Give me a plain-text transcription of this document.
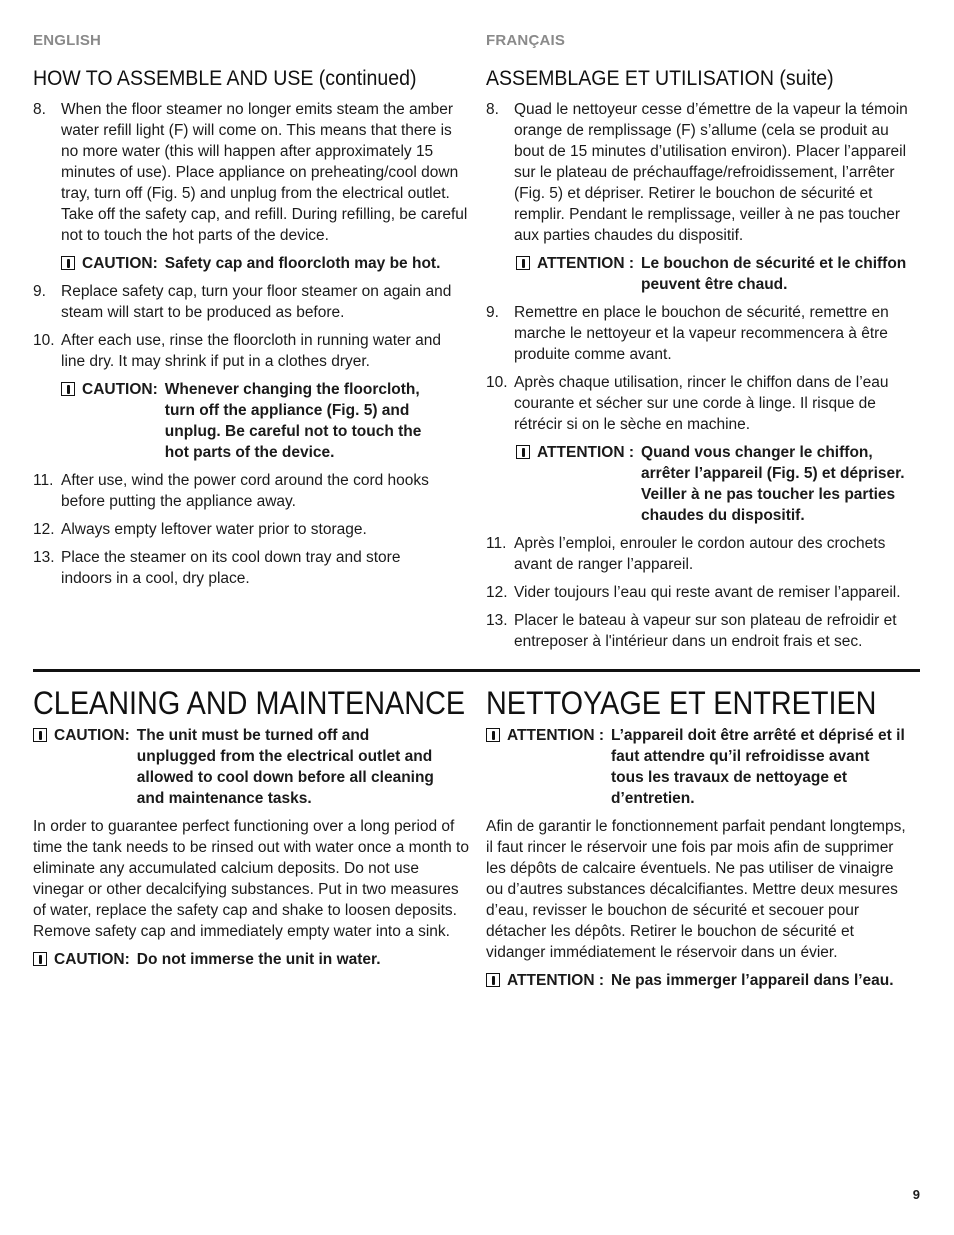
ENGLISH
HOW TO ASSEMBLE AND USE (continued)
8. When the floor steamer no longer emits steam the amber water refill light (F) will come on. This means that there is no more water (this will happen after approximately 15 minutes of use). Place appliance on preheating/cool down tray, turn off (Fig. 5) and unplug from the electrical outlet. Take off the safety cap, and refill. During refilling, be careful not to touch the hot parts of the device.
CAUTION: Safety cap and floorcloth may be hot.
9. Replace safety cap, turn your floor steamer on again and steam will start to be produced as before.
10. After each use, rinse the floorcloth in running water and line dry. It may shrink if put in a clothes dryer.
CAUTION: Whenever changing the floorcloth, turn off the appliance (Fig. 5) and unplug. Be careful not to touch the hot parts of the device.
11. After use, wind the power cord around the cord hooks before putting the appliance away.
12. Always empty leftover water prior to storage.
13. Place the steamer on its cool down tray and store indoors in a cool, dry place.
FRANÇAIS
ASSEMBLAGE ET UTILISATION (suite)
8. Quad le nettoyeur cesse d’émettre de la vapeur la témoin orange de remplissage (F) s’allume (cela se produit au bout de 15 minutes d’utilisation environ). Placer l’appareil sur le plateau de préchauffage/refroidissement, l’arrêter (Fig. 5) et dépriser. Retirer le bouchon de sécurité et remplir. Pendant le remplissage, veiller à ne pas toucher aux parties chaudes du dispositif.
ATTENTION : Le bouchon de sécurité et le chiffon peuvent être chaud.
9. Remettre en place le bouchon de sécurité, remettre en marche le nettoyeur et la vapeur recommencera à être produite comme avant.
10. Après chaque utilisation, rincer le chiffon dans de l’eau courante et sécher sur une corde à linge. Il risque de rétrécir si on le sèche en machine.
ATTENTION : Quand vous changer le chiffon, arrêter l’appareil (Fig. 5) et dépriser. Veiller à ne pas toucher les parties chaudes du dispositif.
11. Après l’emploi, enrouler le cordon autour des crochets avant de ranger l’appareil.
12. Vider toujours l’eau qui reste avant de remiser l’appareil.
13. Placer le bateau à vapeur sur son plateau de refroidir et entreposer à l'intérieur dans un endroit frais et sec.
CLEANING AND MAINTENANCE
CAUTION: The unit must be turned off and unplugged from the electrical outlet and allowed to cool down before all cleaning and maintenance tasks.

In order to guarantee perfect functioning over a long period of time the tank needs to be rinsed out with water once a month to eliminate any accumulated calcium deposits. Do not use vinegar or other decalcifying substances. Put in two measures of water, replace the safety cap and shake to loosen deposits. Remove safety cap and immediately empty water into a sink.

CAUTION: Do not immerse the unit in water.
NETTOYAGE ET ENTRETIEN
ATTENTION : L’appareil doit être arrêté et déprisé et il faut attendre qu’il refroidisse avant tous les travaux de nettoyage et d’entretien.

Afin de garantir le fonctionnement parfait pendant longtemps, il faut rincer le réservoir une fois par mois afin de supprimer les dépôts de calcaire éventuels. Ne pas utiliser de vinaigre ou d’autres substances décalcifiantes. Mettre deux mesures d’eau, revisser le bouchon de sécurité et secouer pour détacher les dépôts. Retirer le bouchon de sécurité et vidanger immédiatement le réservoir dans un évier.

ATTENTION : Ne pas immerger l’appareil dans l’eau.
9
